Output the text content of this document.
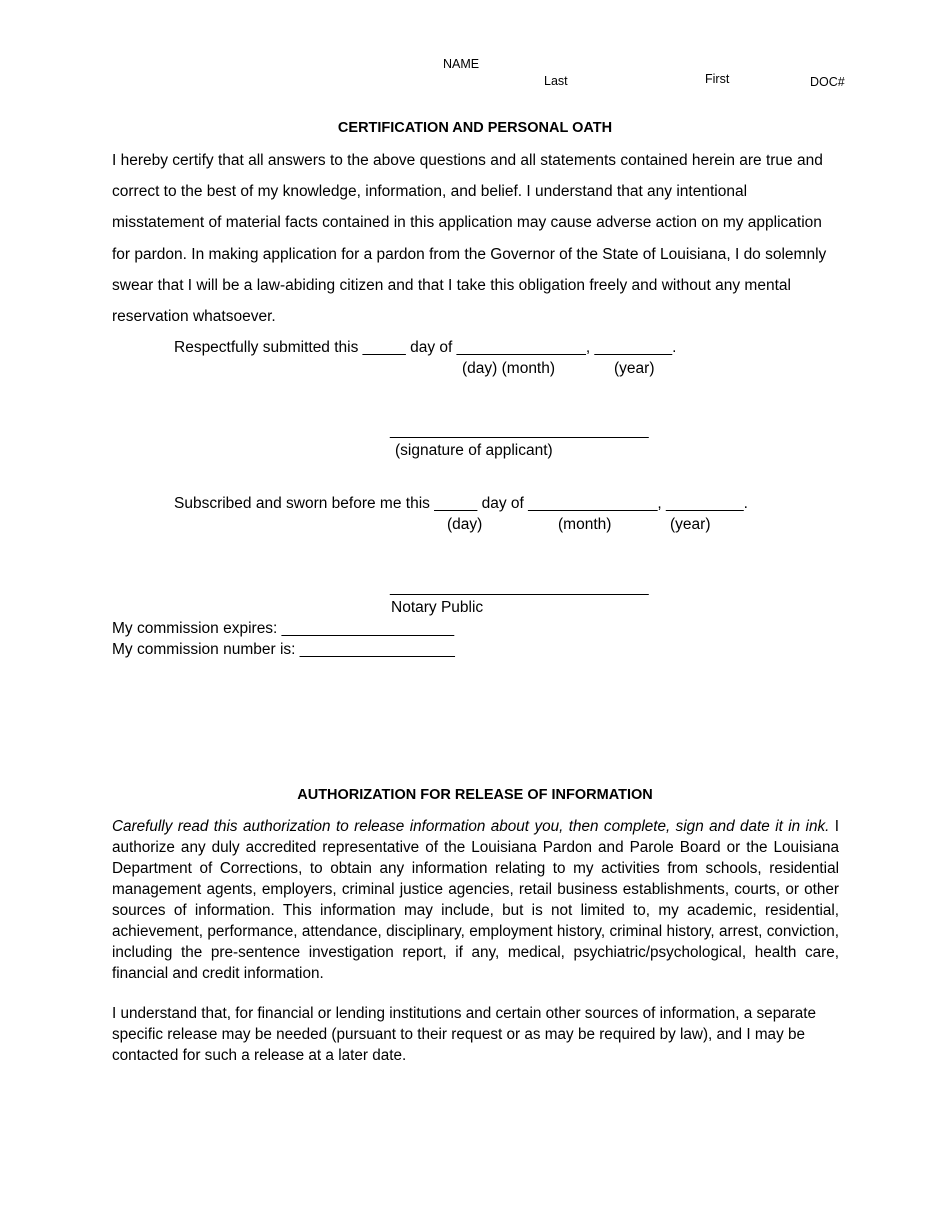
NAME
Last	First	DOC#
CERTIFICATION AND PERSONAL OATH

I hereby certify that all answers to the above questions and all statements contained herein are true and correct to the best of my knowledge, information, and belief. I understand that any intentional misstatement of material facts contained in this application may cause adverse action on my application for pardon. In making application for a pardon from the Governor of the State of Louisiana, I do solemnly swear that I will be a law-abiding citizen and that I take this obligation freely and without any mental reservation whatsoever.

Respectfully submitted this _____ day of _______________, _________.
(day) (month)	(year)
______________________________
(signature of applicant)
Subscribed and sworn before me this _____ day of _______________, _________.
(day)	(month)	(year)
______________________________
Notary Public
My commission expires: ____________________
My commission number is: __________________
AUTHORIZATION FOR RELEASE OF INFORMATION

Carefully read this authorization to release information about you, then complete, sign and date it in ink. I authorize any duly accredited representative of the Louisiana Pardon and Parole Board or the Louisiana Department of Corrections, to obtain any information relating to my activities from schools, residential management agents, employers, criminal justice agencies, retail business establishments, courts, or other sources of information. This information may include, but is not limited to, my academic, residential, achievement, performance, attendance, disciplinary, employment history, criminal history, arrest, conviction, including the pre-sentence investigation report, if any, medical, psychiatric/psychological, health care, financial and credit information.

I understand that, for financial or lending institutions and certain other sources of information, a separate specific release may be needed (pursuant to their request or as may be required by law), and I may be contacted for such a release at a later date.
